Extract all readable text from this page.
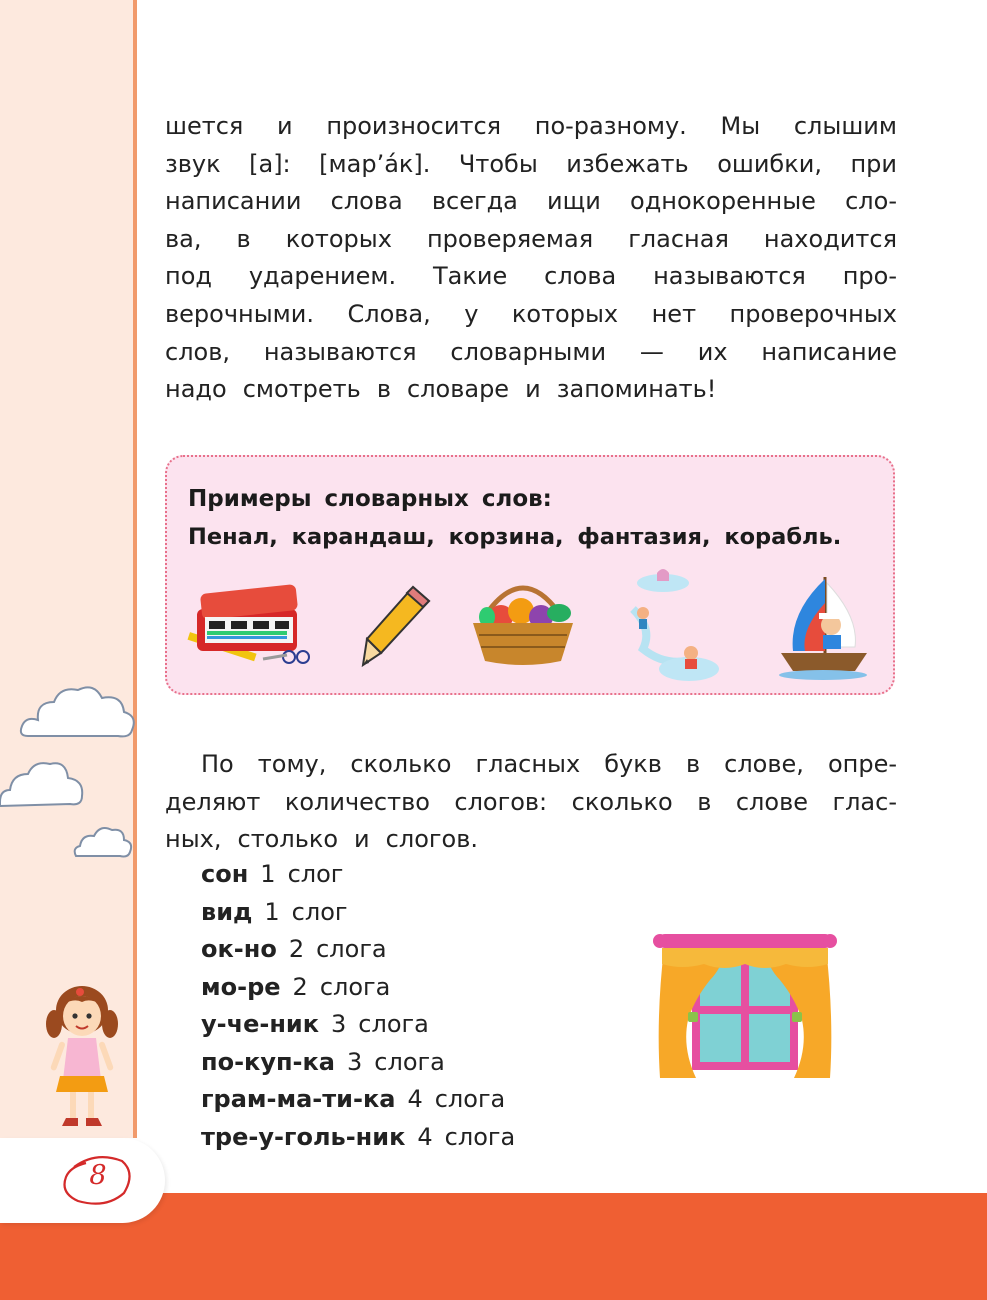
8
шется и произносится по-разному. Мы слышим
звук [а]: [мар’а́к]. Чтобы избежать ошибки, при
написании слова всегда ищи однокоренные сло-
ва, в которых проверяемая гласная находится
под ударением. Такие слова называются про-
верочными. Слова, у которых нет проверочных
слов, называются словарными — их написание
надо смотреть в словаре и запоминать!
Примеры словарных слов:
Пенал, карандаш, корзина, фантазия, корабль.
По тому, сколько гласных букв в слове, опре-
деляют количество слогов: сколько в слове глас-
ных, столько и слогов.
сон 1 слог
вид 1 слог
ок-но 2 слога
мо-ре 2 слога
у-че-ник 3 слога
по-куп-ка 3 слога
грам-ма-ти-ка 4 слога
тре-у-голь-ник 4 слога
